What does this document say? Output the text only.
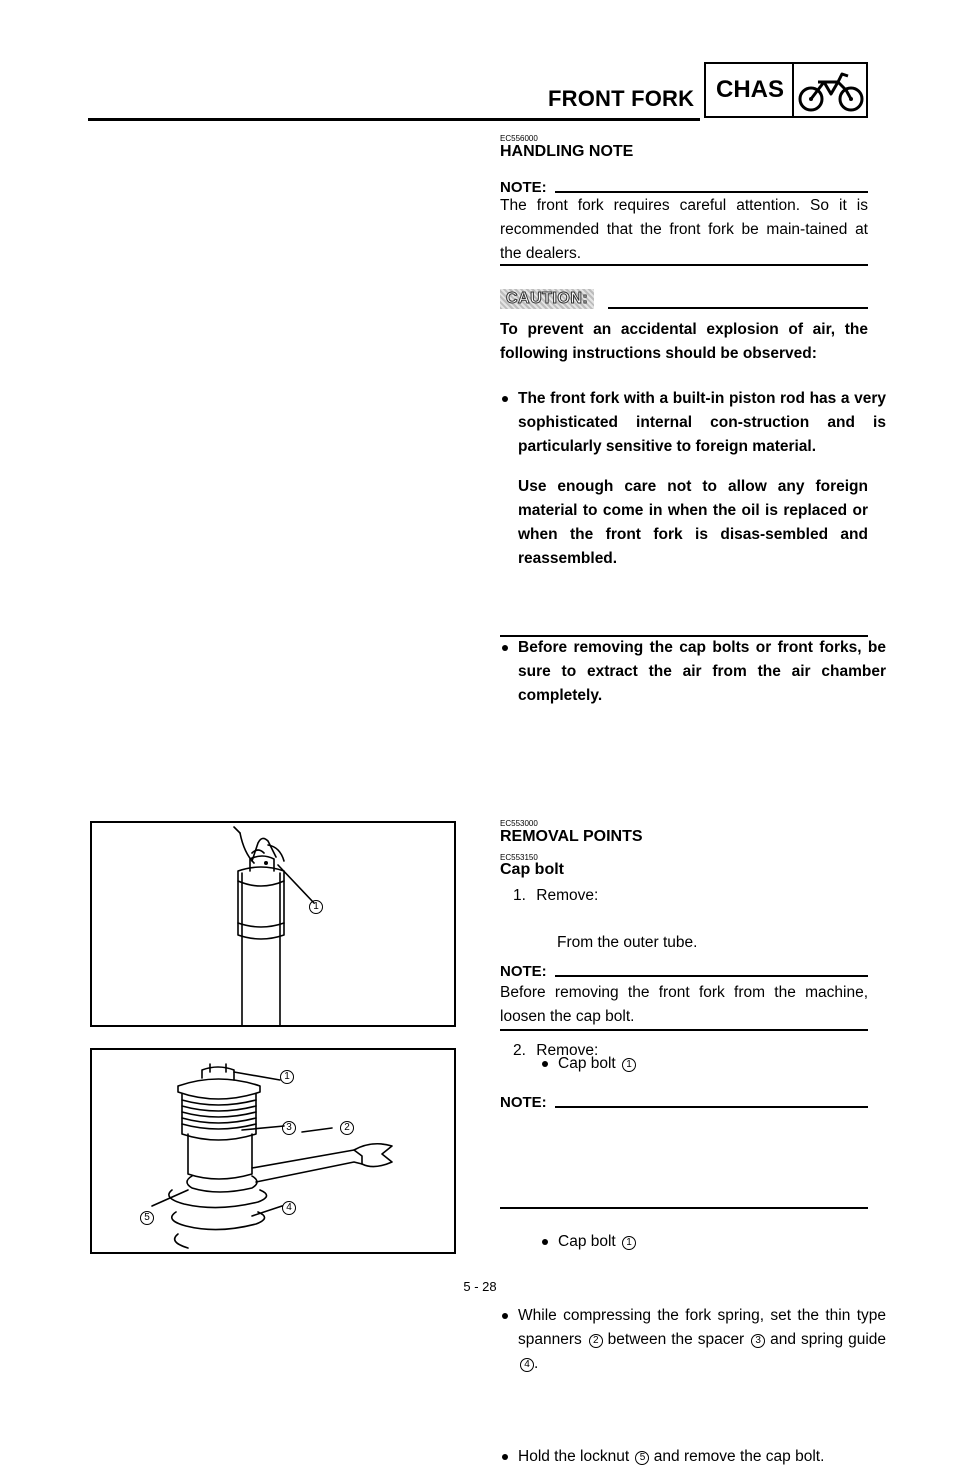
FRONT FORK CHAS
EC556000
HANDLING NOTE
NOTE:
The front fork requires careful attention. So it is recommended that the front fork be main-tained at the dealers.
CAUTION:
To prevent an accidental explosion of air, the following instructions should be observed:
The front fork with a built-in piston rod has a very sophisticated internal con-struction and is particularly sensitive to foreign material.
Use enough care not to allow any foreign material to come in when the oil is replaced or when the front fork is disas-sembled and reassembled.
Before removing the cap bolts or front forks, be sure to extract the air from the air chamber completely.
EC553000
REMOVAL POINTS
EC553150
Cap bolt
1. Remove:
Cap bolt 1
From the outer tube.
NOTE:
Before removing the front fork from the machine, loosen the cap bolt.
2. Remove:
Cap bolt 1
NOTE:
While compressing the fork spring, set the thin type spanners 2 between the spacer 3 and spring guide 4 .
Hold the locknut 5 and remove the cap bolt.
1
1
3	2
5
4
5 - 28
